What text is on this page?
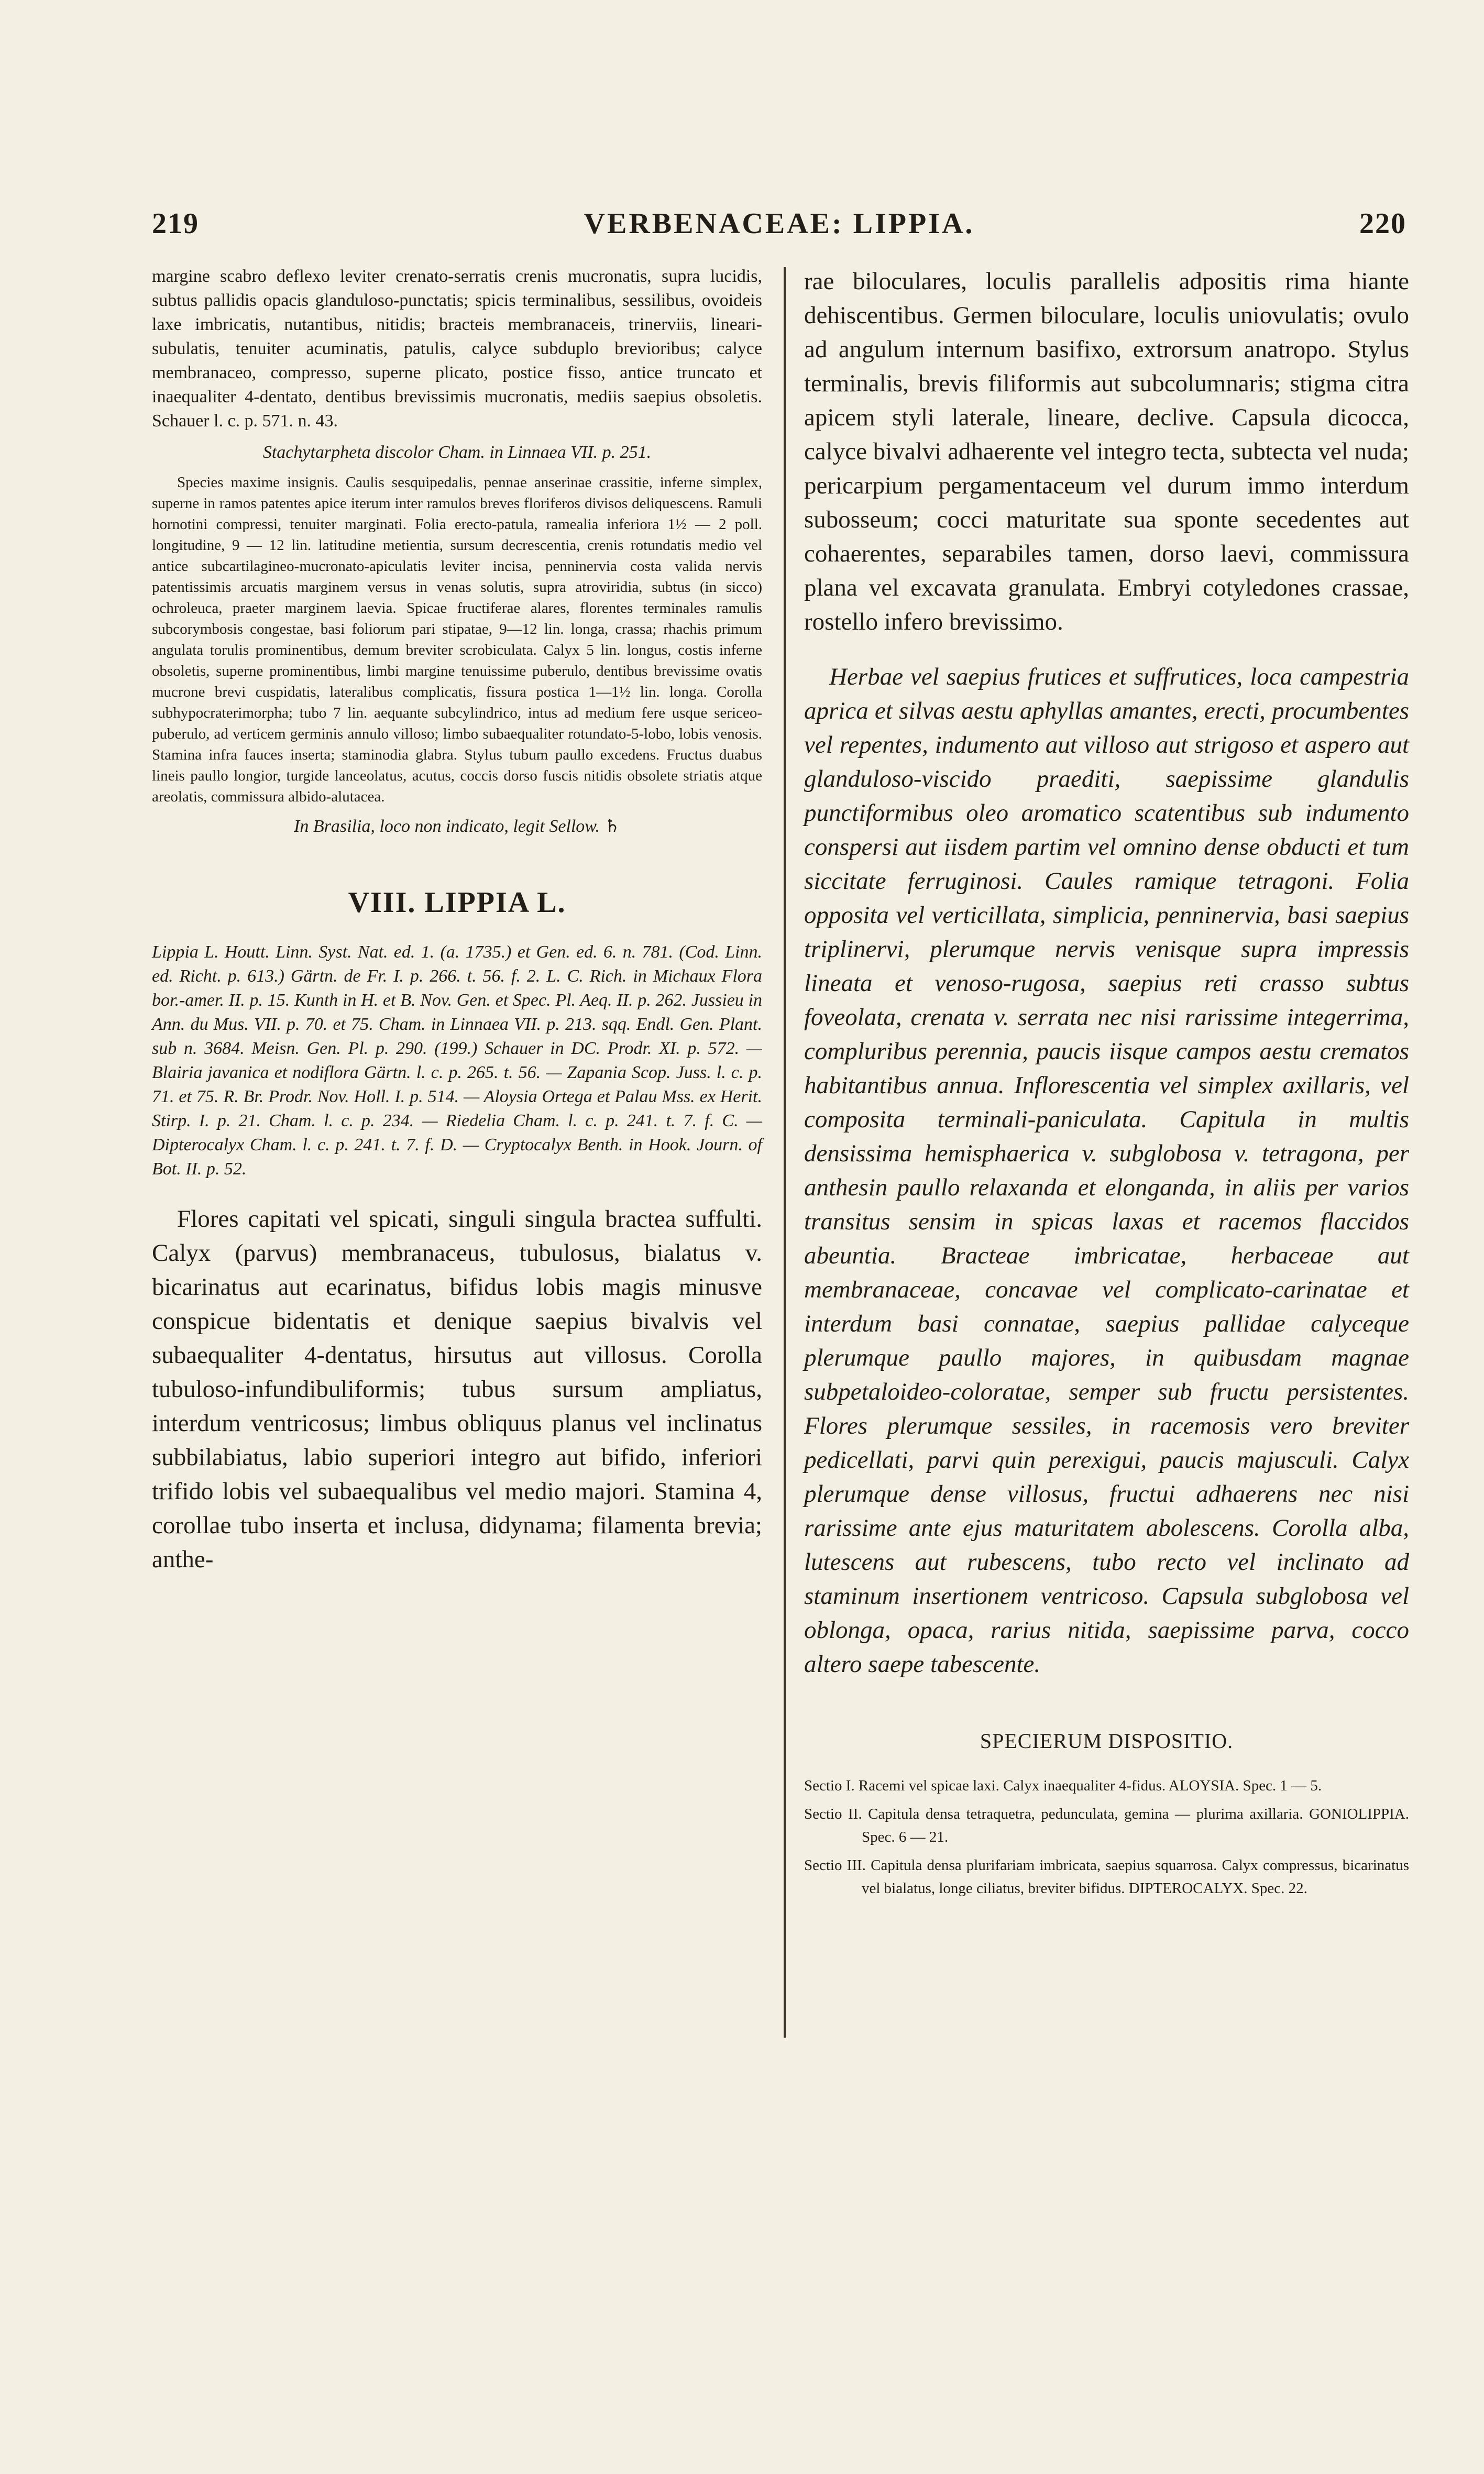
219	VERBENACEAE: LIPPIA.	220

margine scabro deflexo leviter crenato-serratis crenis mucronatis, supra lucidis, subtus pallidis opacis glanduloso-punctatis; spicis terminalibus, sessilibus, ovoideis laxe imbricatis, nutantibus, nitidis; bracteis membranaceis, trinerviis, lineari-subulatis, tenuiter acuminatis, patulis, calyce subduplo brevioribus; calyce membranaceo, compresso, superne plicato, postice fisso, antice truncato et inaequaliter 4-dentato, dentibus brevissimis mucronatis, mediis saepius obsoletis. Schauer l. c. p. 571. n. 43.

Stachytarpheta discolor Cham. in Linnaea VII. p. 251.

Species maxime insignis. Caulis sesquipedalis, pennae anserinae crassitie, inferne simplex, superne in ramos patentes apice iterum inter ramulos breves floriferos divisos deliquescens. Ramuli hornotini compressi, tenuiter marginati. Folia erecto-patula, ramealia inferiora 1½ — 2 poll. longitudine, 9 — 12 lin. latitudine metientia, sursum decrescentia, crenis rotundatis medio vel antice subcartilagineo-mucronato-apiculatis leviter incisa, penninervia costa valida nervis patentissimis arcuatis marginem versus in venas solutis, supra atroviridia, subtus (in sicco) ochroleuca, praeter marginem laevia. Spicae fructiferae alares, florentes terminales ramulis subcorymbosis congestae, basi foliorum pari stipatae, 9—12 lin. longa, crassa; rhachis primum angulata torulis prominentibus, demum breviter scrobiculata. Calyx 5 lin. longus, costis inferne obsoletis, superne prominentibus, limbi margine tenuissime puberulo, dentibus brevissime ovatis mucrone brevi cuspidatis, lateralibus complicatis, fissura postica 1—1½ lin. longa. Corolla subhypocraterimorpha; tubo 7 lin. aequante subcylindrico, intus ad medium fere usque sericeo-puberulo, ad verticem germinis annulo villoso; limbo subaequaliter rotundato-5-lobo, lobis venosis. Stamina infra fauces inserta; staminodia glabra. Stylus tubum paullo excedens. Fructus duabus lineis paullo longior, turgide lanceolatus, acutus, coccis dorso fuscis nitidis obsolete striatis atque areolatis, commissura albido-alutacea.

In Brasilia, loco non indicato, legit Sellow. ♄

VIII. LIPPIA L.

Lippia L. Houtt. Linn. Syst. Nat. ed. 1. (a. 1735.) et Gen. ed. 6. n. 781. (Cod. Linn. ed. Richt. p. 613.) Gärtn. de Fr. I. p. 266. t. 56. f. 2. L. C. Rich. in Michaux Flora bor.-amer. II. p. 15. Kunth in H. et B. Nov. Gen. et Spec. Pl. Aeq. II. p. 262. Jussieu in Ann. du Mus. VII. p. 70. et 75. Cham. in Linnaea VII. p. 213. sqq. Endl. Gen. Plant. sub n. 3684. Meisn. Gen. Pl. p. 290. (199.) Schauer in DC. Prodr. XI. p. 572. — Blairia javanica et nodiflora Gärtn. l. c. p. 265. t. 56. — Zapania Scop. Juss. l. c. p. 71. et 75. R. Br. Prodr. Nov. Holl. I. p. 514. — Aloysia Ortega et Palau Mss. ex Herit. Stirp. I. p. 21. Cham. l. c. p. 234. — Riedelia Cham. l. c. p. 241. t. 7. f. C. — Dipterocalyx Cham. l. c. p. 241. t. 7. f. D. — Cryptocalyx Benth. in Hook. Journ. of Bot. II. p. 52.

Flores capitati vel spicati, singuli singula bractea suffulti. Calyx (parvus) membranaceus, tubulosus, bialatus v. bicarinatus aut ecarinatus, bifidus lobis magis minusve conspicue bidentatis et denique saepius bivalvis vel subaequaliter 4-dentatus, hirsutus aut villosus. Corolla tubuloso-infundibuliformis; tubus sursum ampliatus, interdum ventricosus; limbus obliquus planus vel inclinatus subbilabiatus, labio superiori integro aut bifido, inferiori trifido lobis vel subaequalibus vel medio majori. Stamina 4, corollae tubo inserta et inclusa, didynama; filamenta brevia; anthe-

rae biloculares, loculis parallelis adpositis rima hiante dehiscentibus. Germen biloculare, loculis uniovulatis; ovulo ad angulum internum basifixo, extrorsum anatropo. Stylus terminalis, brevis filiformis aut subcolumnaris; stigma citra apicem styli laterale, lineare, declive. Capsula dicocca, calyce bivalvi adhaerente vel integro tecta, subtecta vel nuda; pericarpium pergamentaceum vel durum immo interdum subosseum; cocci maturitate sua sponte secedentes aut cohaerentes, separabiles tamen, dorso laevi, commissura plana vel excavata granulata. Embryi cotyledones crassae, rostello infero brevissimo.

Herbae vel saepius frutices et suffrutices, loca campestria aprica et silvas aestu aphyllas amantes, erecti, procumbentes vel repentes, indumento aut villoso aut strigoso et aspero aut glanduloso-viscido praediti, saepissime glandulis punctiformibus oleo aromatico scatentibus sub indumento conspersi aut iisdem partim vel omnino dense obducti et tum siccitate ferruginosi. Caules ramique tetragoni. Folia opposita vel verticillata, simplicia, penninervia, basi saepius triplinervi, plerumque nervis venisque supra impressis lineata et venoso-rugosa, saepius reti crasso subtus foveolata, crenata v. serrata nec nisi rarissime integerrima, compluribus perennia, paucis iisque campos aestu crematos habitantibus annua. Inflorescentia vel simplex axillaris, vel composita terminali-paniculata. Capitula in multis densissima hemisphaerica v. subglobosa v. tetragona, per anthesin paullo relaxanda et elonganda, in aliis per varios transitus sensim in spicas laxas et racemos flaccidos abeuntia. Bracteae imbricatae, herbaceae aut membranaceae, concavae vel complicato-carinatae et interdum basi connatae, saepius pallidae calyceque plerumque paullo majores, in quibusdam magnae subpetaloideo-coloratae, semper sub fructu persistentes. Flores plerumque sessiles, in racemosis vero breviter pedicellati, parvi quin perexigui, paucis majusculi. Calyx plerumque dense villosus, fructui adhaerens nec nisi rarissime ante ejus maturitatem abolescens. Corolla alba, lutescens aut rubescens, tubo recto vel inclinato ad staminum insertionem ventricoso. Capsula subglobosa vel oblonga, opaca, rarius nitida, saepissime parva, cocco altero saepe tabescente.

SPECIERUM DISPOSITIO.

Sectio I. Racemi vel spicae laxi. Calyx inaequaliter 4-fidus. ALOYSIA. Spec. 1 — 5.

Sectio II. Capitula densa tetraquetra, pedunculata, gemina — plurima axillaria. GONIOLIPPIA. Spec. 6 — 21.

Sectio III. Capitula densa plurifariam imbricata, saepius squarrosa. Calyx compressus, bicarinatus vel bialatus, longe ciliatus, breviter bifidus. DIPTEROCALYX. Spec. 22.
